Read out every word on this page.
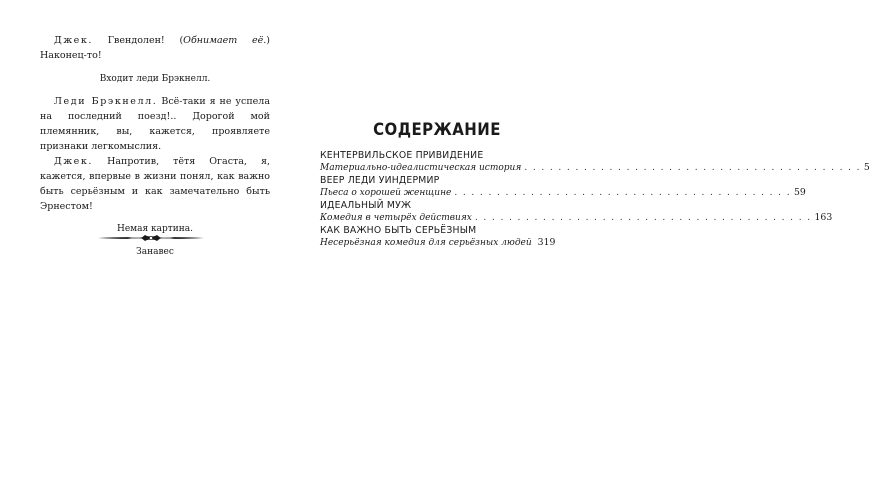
Джек. Гвендолен! (Обнимает её.) Наконец-то!

Входит леди Брэкнелл.

Леди Брэкнелл. Всё-таки я не успела на последний поезд!.. Дорогой мой племянник, вы, кажется, проявляете признаки легкомыслия.

Джек. Напротив, тётя Огаста, я, кажется, впервые в жизни понял, как важно быть серьёзным и как замечательно быть Эрнестом!

Немая картина.
Занавес
СОДЕРЖАНИЕ
КЕНТЕРВИЛЬСКОЕ ПРИВИДЕНИЕ
Материально-идеалистическая история . . . . . . . . . . . . . . . . . . . . . . . . . . . . . . . . . . . . . . . . 5
ВЕЕР ЛЕДИ УИНДЕРМИР
Пьеса о хорошей женщине . . . . . . . . . . . . . . . . . . . . . . . . . . . . . . . . . . . . . . . . 59
ИДЕАЛЬНЫЙ МУЖ
Комедия в четырёх действиях . . . . . . . . . . . . . . . . . . . . . . . . . . . . . . . . . . . . . . . . 163
КАК ВАЖНО БЫТЬ СЕРЬЁЗНЫМ
Несерьёзная комедия для серьёзных людей 319
